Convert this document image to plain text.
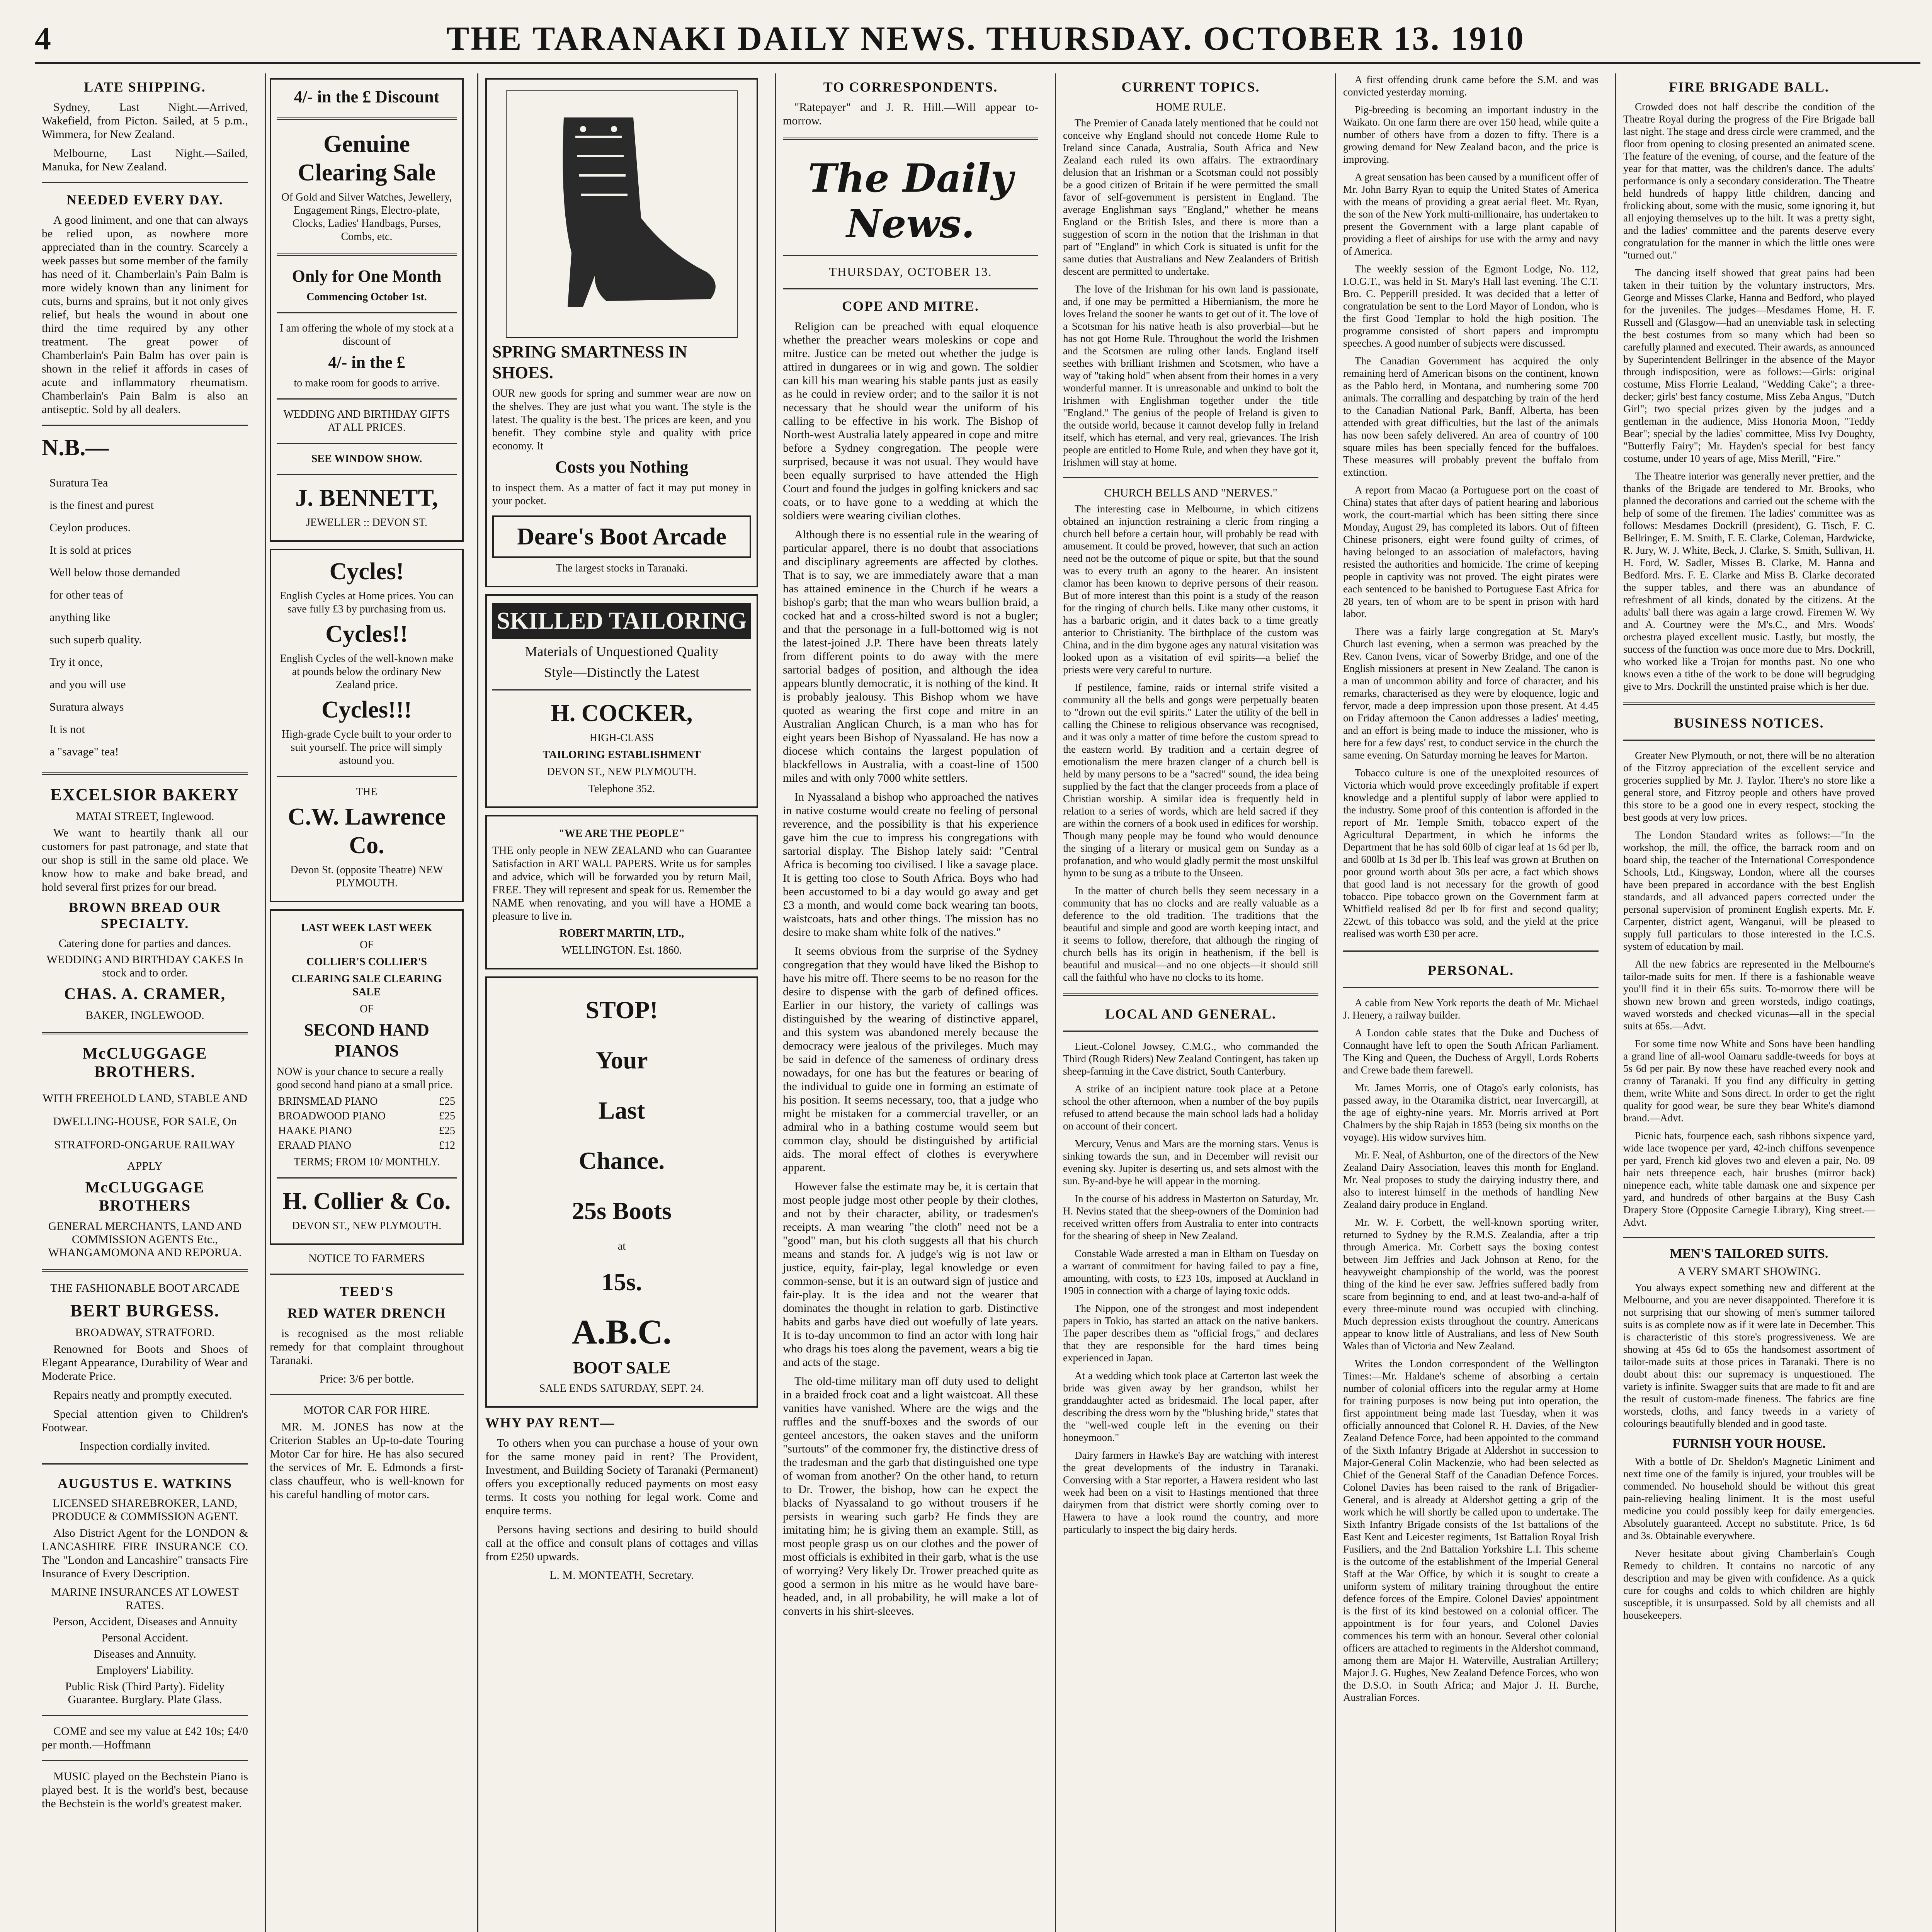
4	THE TARANAKI DAILY NEWS. THURSDAY. OCTOBER 13. 1910
LATE SHIPPING.

Sydney, Last Night.—Arrived, Wakefield, from Picton. Sailed, at 5 p.m., Wimmera, for New Zealand.

Melbourne, Last Night.—Sailed, Manuka, for New Zealand.

NEEDED EVERY DAY.

A good liniment, and one that can always be relied upon, as nowhere more appreciated than in the country. Scarcely a week passes but some member of the family has need of it. Chamberlain's Pain Balm is more widely known than any liniment for cuts, burns and sprains, but it not only gives relief, but heals the wound in about one third the time required by any other treatment. The great power of Chamberlain's Pain Balm has over pain is shown in the relief it affords in cases of acute and inflammatory rheumatism. Chamberlain's Pain Balm is also an antiseptic. Sold by all dealers.

N.B.—
Suratura Tea
is the finest and purest
Ceylon produces.
It is sold at prices
Well below those demanded
for other teas of
anything like
such superb quality.
Try it once,
and you will use
Suratura always
It is not
a "savage" tea!
EXCELSIOR BAKERY
MATAI STREET, Inglewood.

We want to heartily thank all our customers for past patronage, and state that our shop is still in the same old place. We know how to make and bake bread, and hold several first prizes for our bread.

BROWN BREAD OUR SPECIALTY.
Catering done for parties and dances.
WEDDING AND BIRTHDAY CAKES In stock and to order.
CHAS. A. CRAMER,
BAKER, INGLEWOOD.
McCLUGGAGE BROTHERS.
WITH FREEHOLD LAND, STABLE AND DWELLING-HOUSE, FOR SALE, On STRATFORD-ONGARUE RAILWAY
APPLY
McCLUGGAGE BROTHERS
GENERAL MERCHANTS, LAND AND COMMISSION AGENTS Etc., WHANGAMOMONA AND REPORUA.
THE FASHIONABLE BOOT ARCADE
BERT BURGESS.
BROADWAY, STRATFORD.

Renowned for Boots and Shoes of Elegant Appearance, Durability of Wear and Moderate Price.

Repairs neatly and promptly executed.

Special attention given to Children's Footwear.

Inspection cordially invited.
AUGUSTUS E. WATKINS
LICENSED SHAREBROKER, LAND, PRODUCE & COMMISSION AGENT.

Also District Agent for the LONDON & LANCASHIRE FIRE INSURANCE CO. The "London and Lancashire" transacts Fire Insurance of Every Description.

MARINE INSURANCES AT LOWEST RATES.
Person, Accident, Diseases and Annuity
Personal Accident.
Diseases and Annuity.
Employers' Liability.
Public Risk (Third Party). Fidelity Guarantee. Burglary. Plate Glass.

COME and see my value at £42 10s; £4/0 per month.—Hoffmann

MUSIC played on the Bechstein Piano is played best. It is the world's best, because the Bechstein is the world's greatest maker.

4/- in the £ Discount
Genuine Clearing Sale
Of Gold and Silver Watches, Jewellery, Engagement Rings, Electro-plate, Clocks, Ladies' Handbags, Purses, Combs, etc.
Only for One Month
Commencing October 1st.
I am offering the whole of my stock at a discount of
4/- in the £
to make room for goods to arrive.
WEDDING AND BIRTHDAY GIFTS AT ALL PRICES.
SEE WINDOW SHOW.
J. BENNETT,
JEWELLER :: DEVON ST.
Cycles!
English Cycles at Home prices. You can save fully £3 by purchasing from us.
Cycles!!
English Cycles of the well-known make at pounds below the ordinary New Zealand price.
Cycles!!!
High-grade Cycle built to your order to suit yourself. The price will simply astound you.
THE
C.W. Lawrence Co.
Devon St. (opposite Theatre) NEW PLYMOUTH.
LAST WEEK LAST WEEK
OF
COLLIER'S COLLIER'S
CLEARING SALE CLEARING SALE
OF
SECOND HAND PIANOS
NOW is your chance to secure a really good second hand piano at a small price.
BRINSMEAD PIANO	£25
BROADWOOD PIANO	£25
HAAKE PIANO	£25
ERAAD PIANO	£12
TERMS; FROM 10/ MONTHLY.
H. Collier & Co.
DEVON ST., NEW PLYMOUTH.
NOTICE TO FARMERS
TEED'S
RED WATER DRENCH

is recognised as the most reliable remedy for that complaint throughout Taranaki.

Price: 3/6 per bottle.
MOTOR CAR FOR HIRE.

MR. M. JONES has now at the Criterion Stables an Up-to-date Touring Motor Car for hire. He has also secured the services of Mr. E. Edmonds a first-class chauffeur, who is well-known for his careful handling of motor cars.

SPRING SMARTNESS IN SHOES.
OUR new goods for spring and summer wear are now on the shelves. They are just what you want. The style is the latest. The quality is the best. The prices are keen, and you benefit. They combine style and quality with price economy. It
Costs you Nothing
to inspect them. As a matter of fact it may put money in your pocket.
Deare's Boot Arcade
The largest stocks in Taranaki.
SKILLED TAILORING
Materials of Unquestioned Quality
Style—Distinctly the Latest
H. COCKER,
HIGH-CLASS
TAILORING ESTABLISHMENT
DEVON ST., NEW PLYMOUTH.
Telephone 352.
"WE ARE THE PEOPLE"
THE only people in NEW ZEALAND who can Guarantee Satisfaction in ART WALL PAPERS. Write us for samples and advice, which will be forwarded you by return Mail, FREE. They will represent and speak for us. Remember the NAME when renovating, and you will have a HOME a pleasure to live in.
ROBERT MARTIN, LTD.,
WELLINGTON. Est. 1860.
STOP!
Your
Last
Chance.
25s Boots
at
15s.
A.B.C.
BOOT SALE
SALE ENDS SATURDAY, SEPT. 24.
WHY PAY RENT—

To others when you can purchase a house of your own for the same money paid in rent? The Provident, Investment, and Building Society of Taranaki (Permanent) offers you exceptionally reduced payments on most easy terms. It costs you nothing for legal work. Come and enquire terms.

Persons having sections and desiring to build should call at the office and consult plans of cottages and villas from £250 upwards.

L. M. MONTEATH, Secretary.
TO CORRESPONDENTS.

"Ratepayer" and J. R. Hill.—Will appear to-morrow.

The Daily News.
THURSDAY, OCTOBER 13.
COPE AND MITRE.

Religion can be preached with equal eloquence whether the preacher wears moleskins or cope and mitre. Justice can be meted out whether the judge is attired in dungarees or in wig and gown. The soldier can kill his man wearing his stable pants just as easily as he could in review order; and to the sailor it is not necessary that he should wear the uniform of his calling to be effective in his work. The Bishop of North-west Australia lately appeared in cope and mitre before a Sydney congregation. The people were surprised, because it was not usual. They would have been equally surprised to have attended the High Court and found the judges in golfing knickers and sac coats, or to have gone to a wedding at which the soldiers were wearing civilian clothes.

Although there is no essential rule in the wearing of particular apparel, there is no doubt that associations and disciplinary agreements are affected by clothes. That is to say, we are immediately aware that a man has attained eminence in the Church if he wears a bishop's garb; that the man who wears bullion braid, a cocked hat and a cross-hilted sword is not a bugler; and that the personage in a full-bottomed wig is not the latest-joined J.P. There have been threats lately from different points to do away with the mere sartorial badges of position, and although the idea appears bluntly democratic, it is nothing of the kind. It is probably jealousy. This Bishop whom we have quoted as wearing the first cope and mitre in an Australian Anglican Church, is a man who has for eight years been Bishop of Nyassaland. He has now a diocese which contains the largest population of blackfellows in Australia, with a coast-line of 1500 miles and with only 7000 white settlers.

In Nyassaland a bishop who approached the natives in native costume would create no feeling of personal reverence, and the possibility is that his experience gave him the cue to impress his congregations with sartorial display. The Bishop lately said: "Central Africa is becoming too civilised. I like a savage place. It is getting too close to South Africa. Boys who had been accustomed to bi a day would go away and get £3 a month, and would come back wearing tan boots, waistcoats, hats and other things. The mission has no desire to make sham white folk of the natives."

It seems obvious from the surprise of the Sydney congregation that they would have liked the Bishop to have his mitre off. There seems to be no reason for the desire to dispense with the garb of defined offices. Earlier in our history, the variety of callings was distinguished by the wearing of distinctive apparel, and this system was abandoned merely because the democracy were jealous of the privileges. Much may be said in defence of the sameness of ordinary dress nowadays, for one has but the features or bearing of the individual to guide one in forming an estimate of his position. It seems necessary, too, that a judge who might be mistaken for a commercial traveller, or an admiral who in a bathing costume would seem but common clay, should be distinguished by artificial aids. The moral effect of clothes is everywhere apparent.

However false the estimate may be, it is certain that most people judge most other people by their clothes, and not by their character, ability, or tradesmen's receipts. A man wearing "the cloth" need not be a "good" man, but his cloth suggests all that his church means and stands for. A judge's wig is not law or justice, equity, fair-play, legal knowledge or even common-sense, but it is an outward sign of justice and fair-play. It is the idea and not the wearer that dominates the thought in relation to garb. Distinctive habits and garbs have died out woefully of late years. It is to-day uncommon to find an actor with long hair who drags his toes along the pavement, wears a big tie and acts of the stage.

The old-time military man off duty used to delight in a braided frock coat and a light waistcoat. All these vanities have vanished. Where are the wigs and the ruffles and the snuff-boxes and the swords of our genteel ancestors, the oaken staves and the uniform "surtouts" of the commoner fry, the distinctive dress of the tradesman and the garb that distinguished one type of woman from another? On the other hand, to return to Dr. Trower, the bishop, how can he expect the blacks of Nyassaland to go without trousers if he persists in wearing such garb? He finds they are imitating him; he is giving them an example. Still, as most people grasp us on our clothes and the power of most officials is exhibited in their garb, what is the use of worrying? Very likely Dr. Trower preached quite as good a sermon in his mitre as he would have bare-headed, and, in all probability, he will make a lot of converts in his shirt-sleeves.

CURRENT TOPICS.
HOME RULE.

The Premier of Canada lately mentioned that he could not conceive why England should not concede Home Rule to Ireland since Canada, Australia, South Africa and New Zealand each ruled its own affairs. The extraordinary delusion that an Irishman or a Scotsman could not possibly be a good citizen of Britain if he were permitted the small favor of self-government is persistent in England. The average Englishman says "England," whether he means England or the British Isles, and there is more than a suggestion of scorn in the notion that the Irishman in that part of "England" in which Cork is situated is unfit for the same duties that Australians and New Zealanders of British descent are permitted to undertake.

The love of the Irishman for his own land is passionate, and, if one may be permitted a Hibernianism, the more he loves Ireland the sooner he wants to get out of it. The love of a Scotsman for his native heath is also proverbial—but he has not got Home Rule. Throughout the world the Irishmen and the Scotsmen are ruling other lands. England itself seethes with brilliant Irishmen and Scotsmen, who have a way of "taking hold" when absent from their homes in a very wonderful manner. It is unreasonable and unkind to bolt the Irishmen with Englishman together under the title "England." The genius of the people of Ireland is given to the outside world, because it cannot develop fully in Ireland itself, which has eternal, and very real, grievances. The Irish people are entitled to Home Rule, and when they have got it, Irishmen will stay at home.

CHURCH BELLS AND "NERVES."

The interesting case in Melbourne, in which citizens obtained an injunction restraining a cleric from ringing a church bell before a certain hour, will probably be read with amusement. It could be proved, however, that such an action need not be the outcome of pique or spite, but that the sound was to every truth an agony to the hearer. An insistent clamor has been known to deprive persons of their reason. But of more interest than this point is a study of the reason for the ringing of church bells. Like many other customs, it has a barbaric origin, and it dates back to a time greatly anterior to Christianity. The birthplace of the custom was China, and in the dim bygone ages any natural visitation was looked upon as a visitation of evil spirits—a belief the priests were very careful to nurture.

If pestilence, famine, raids or internal strife visited a community all the bells and gongs were perpetually beaten to "drown out the evil spirits." Later the utility of the bell in calling the Chinese to religious observance was recognised, and it was only a matter of time before the custom spread to the eastern world. By tradition and a certain degree of emotionalism the mere brazen clanger of a church bell is held by many persons to be a "sacred" sound, the idea being supplied by the fact that the clanger proceeds from a place of Christian worship. A similar idea is frequently held in relation to a series of words, which are held sacred if they are within the corners of a book used in edifices for worship. Though many people may be found who would denounce the singing of a literary or musical gem on Sunday as a profanation, and who would gladly permit the most unskilful hymn to be sung as a tribute to the Unseen.

In the matter of church bells they seem necessary in a community that has no clocks and are really valuable as a deference to the old tradition. The traditions that the beautiful and simple and good are worth keeping intact, and it seems to follow, therefore, that although the ringing of church bells has its origin in heathenism, if the bell is beautiful and musical—and no one objects—it should still call the faithful who have no clocks to its home.

LOCAL AND GENERAL.

Lieut.-Colonel Jowsey, C.M.G., who commanded the Third (Rough Riders) New Zealand Contingent, has taken up sheep-farming in the Cave district, South Canterbury.

A strike of an incipient nature took place at a Petone school the other afternoon, when a number of the boy pupils refused to attend because the main school lads had a holiday on account of their concert.

Mercury, Venus and Mars are the morning stars. Venus is sinking towards the sun, and in December will revisit our evening sky. Jupiter is deserting us, and sets almost with the sun. By-and-bye he will appear in the morning.

In the course of his address in Masterton on Saturday, Mr. H. Nevins stated that the sheep-owners of the Dominion had received written offers from Australia to enter into contracts for the shearing of sheep in New Zealand.

Constable Wade arrested a man in Eltham on Tuesday on a warrant of commitment for having failed to pay a fine, amounting, with costs, to £23 10s, imposed at Auckland in 1905 in connection with a charge of laying toxic odds.

The Nippon, one of the strongest and most independent papers in Tokio, has started an attack on the native bankers. The paper describes them as "official frogs," and declares that they are responsible for the hard times being experienced in Japan.

At a wedding which took place at Carterton last week the bride was given away by her grandson, whilst her granddaughter acted as bridesmaid. The local paper, after describing the dress worn by the "blushing bride," states that the "well-wed couple left in the evening on their honeymoon."

Dairy farmers in Hawke's Bay are watching with interest the great developments of the industry in Taranaki. Conversing with a Star reporter, a Hawera resident who last week had been on a visit to Hastings mentioned that three dairymen from that district were shortly coming over to Hawera to have a look round the country, and more particularly to inspect the big dairy herds.

A first offending drunk came before the S.M. and was convicted yesterday morning.

Pig-breeding is becoming an important industry in the Waikato. On one farm there are over 150 head, while quite a number of others have from a dozen to fifty. There is a growing demand for New Zealand bacon, and the price is improving.

A great sensation has been caused by a munificent offer of Mr. John Barry Ryan to equip the United States of America with the means of providing a great aerial fleet. Mr. Ryan, the son of the New York multi-millionaire, has undertaken to present the Government with a large plant capable of providing a fleet of airships for use with the army and navy of America.

The weekly session of the Egmont Lodge, No. 112, I.O.G.T., was held in St. Mary's Hall last evening. The C.T. Bro. C. Pepperill presided. It was decided that a letter of congratulation be sent to the Lord Mayor of London, who is the first Good Templar to hold the high position. The programme consisted of short papers and impromptu speeches. A good number of subjects were discussed.

The Canadian Government has acquired the only remaining herd of American bisons on the continent, known as the Pablo herd, in Montana, and numbering some 700 animals. The corralling and despatching by train of the herd to the Canadian National Park, Banff, Alberta, has been attended with great difficulties, but the last of the animals has now been safely delivered. An area of country of 100 square miles has been specially fenced for the buffaloes. These measures will probably prevent the buffalo from extinction.

A report from Macao (a Portuguese port on the coast of China) states that after days of patient hearing and laborious work, the court-martial which has been sitting there since Monday, August 29, has completed its labors. Out of fifteen Chinese prisoners, eight were found guilty of crimes, of having belonged to an association of malefactors, having resisted the authorities and homicide. The crime of keeping people in captivity was not proved. The eight pirates were each sentenced to be banished to Portuguese East Africa for 28 years, ten of whom are to be spent in prison with hard labor.

There was a fairly large congregation at St. Mary's Church last evening, when a sermon was preached by the Rev. Canon Ivens, vicar of Sowerby Bridge, and one of the English missioners at present in New Zealand. The canon is a man of uncommon ability and force of character, and his remarks, characterised as they were by eloquence, logic and fervor, made a deep impression upon those present. At 4.45 on Friday afternoon the Canon addresses a ladies' meeting, and an effort is being made to induce the missioner, who is here for a few days' rest, to conduct service in the church the same evening. On Saturday morning he leaves for Marton.

Tobacco culture is one of the unexploited resources of Victoria which would prove exceedingly profitable if expert knowledge and a plentiful supply of labor were applied to the industry. Some proof of this contention is afforded in the report of Mr. Temple Smith, tobacco expert of the Agricultural Department, in which he informs the Department that he has sold 60lb of cigar leaf at 1s 6d per lb, and 600lb at 1s 3d per lb. This leaf was grown at Bruthen on poor ground worth about 30s per acre, a fact which shows that good land is not necessary for the growth of good tobacco. Pipe tobacco grown on the Government farm at Whitfield realised 8d per lb for first and second quality; 22cwt. of this tobacco was sold, and the yield at the price realised was worth £30 per acre.

PERSONAL.

A cable from New York reports the death of Mr. Michael J. Henery, a railway builder.

A London cable states that the Duke and Duchess of Connaught have left to open the South African Parliament. The King and Queen, the Duchess of Argyll, Lords Roberts and Crewe bade them farewell.

Mr. James Morris, one of Otago's early colonists, has passed away, in the Otaramika district, near Invercargill, at the age of eighty-nine years. Mr. Morris arrived at Port Chalmers by the ship Rajah in 1853 (being six months on the voyage). His widow survives him.

Mr. F. Neal, of Ashburton, one of the directors of the New Zealand Dairy Association, leaves this month for England. Mr. Neal proposes to study the dairying industry there, and also to interest himself in the methods of handling New Zealand dairy produce in England.

Mr. W. F. Corbett, the well-known sporting writer, returned to Sydney by the R.M.S. Zealandia, after a trip through America. Mr. Corbett says the boxing contest between Jim Jeffries and Jack Johnson at Reno, for the heavyweight championship of the world, was the poorest thing of the kind he ever saw. Jeffries suffered badly from scare from beginning to end, and at least two-and-a-half of every three-minute round was occupied with clinching. Much depression exists throughout the country. Americans appear to know little of Australians, and less of New South Wales than of Victoria and New Zealand.

Writes the London correspondent of the Wellington Times:—Mr. Haldane's scheme of absorbing a certain number of colonial officers into the regular army at Home for training purposes is now being put into operation, the first appointment being made last Tuesday, when it was officially announced that Colonel R. H. Davies, of the New Zealand Defence Force, had been appointed to the command of the Sixth Infantry Brigade at Aldershot in succession to Major-General Colin Mackenzie, who had been selected as Chief of the General Staff of the Canadian Defence Forces. Colonel Davies has been raised to the rank of Brigadier-General, and is already at Aldershot getting a grip of the work which he will shortly be called upon to undertake. The Sixth Infantry Brigade consists of the 1st battalions of the East Kent and Leicester regiments, 1st Battalion Royal Irish Fusiliers, and the 2nd Battalion Yorkshire L.I. This scheme is the outcome of the establishment of the Imperial General Staff at the War Office, by which it is sought to create a uniform system of military training throughout the entire defence forces of the Empire. Colonel Davies' appointment is the first of its kind bestowed on a colonial officer. The appointment is for four years, and Colonel Davies commences his term with an honour. Several other colonial officers are attached to regiments in the Aldershot command, among them are Major H. Waterville, Australian Artillery; Major J. G. Hughes, New Zealand Defence Forces, who won the D.S.O. in South Africa; and Major J. H. Burche, Australian Forces.

FIRE BRIGADE BALL.

Crowded does not half describe the condition of the Theatre Royal during the progress of the Fire Brigade ball last night. The stage and dress circle were crammed, and the floor from opening to closing presented an animated scene. The feature of the evening, of course, and the feature of the year for that matter, was the children's dance. The adults' performance is only a secondary consideration. The Theatre held hundreds of happy little children, dancing and frolicking about, some with the music, some ignoring it, but all enjoying themselves up to the hilt. It was a pretty sight, and the ladies' committee and the parents deserve every congratulation for the manner in which the little ones were "turned out."

The dancing itself showed that great pains had been taken in their tuition by the voluntary instructors, Mrs. George and Misses Clarke, Hanna and Bedford, who played for the juveniles. The judges—Mesdames Home, H. F. Russell and (Glasgow—had an unenviable task in selecting the best costumes from so many which had been so carefully planned and executed. Their awards, as announced by Superintendent Bellringer in the absence of the Mayor through indisposition, were as follows:—Girls: original costume, Miss Florrie Lealand, "Wedding Cake"; a three-decker; girls' best fancy costume, Miss Zeba Angus, "Dutch Girl"; two special prizes given by the judges and a gentleman in the audience, Miss Honoria Moon, "Teddy Bear"; special by the ladies' committee, Miss Ivy Doughty, "Butterfly Fairy"; Mr. Hayden's special for best fancy costume, under 10 years of age, Miss Merill, "Fire."

The Theatre interior was generally never prettier, and the thanks of the Brigade are tendered to Mr. Brooks, who planned the decorations and carried out the scheme with the help of some of the firemen. The ladies' committee was as follows: Mesdames Dockrill (president), G. Tisch, F. C. Bellringer, E. M. Smith, F. E. Clarke, Coleman, Hardwicke, R. Jury, W. J. White, Beck, J. Clarke, S. Smith, Sullivan, H. H. Ford, W. Sadler, Misses B. Clarke, M. Hanna and Bedford. Mrs. F. E. Clarke and Miss B. Clarke decorated the supper tables, and there was an abundance of refreshment of all kinds, donated by the citizens. At the adults' ball there was again a large crowd. Firemen W. Wy and A. Courtney were the M's.C., and Mrs. Woods' orchestra played excellent music. Lastly, but mostly, the success of the function was once more due to Mrs. Dockrill, who worked like a Trojan for months past. No one who knows even a tithe of the work to be done will begrudging give to Mrs. Dockrill the unstinted praise which is her due.

BUSINESS NOTICES.

Greater New Plymouth, or not, there will be no alteration of the Fitzroy appreciation of the excellent service and groceries supplied by Mr. J. Taylor. There's no store like a general store, and Fitzroy people and others have proved this store to be a good one in every respect, stocking the best goods at very low prices.

The London Standard writes as follows:—"In the workshop, the mill, the office, the barrack room and on board ship, the teacher of the International Correspondence Schools, Ltd., Kingsway, London, where all the courses have been prepared in accordance with the best English standards, and all advanced papers corrected under the personal supervision of prominent English experts. Mr. F. Carpenter, district agent, Wanganui, will be pleased to supply full particulars to those interested in the I.C.S. system of education by mail.

All the new fabrics are represented in the Melbourne's tailor-made suits for men. If there is a fashionable weave you'll find it in their 65s suits. To-morrow there will be shown new brown and green worsteds, indigo coatings, waved worsteds and checked vicunas—all in the special suits at 65s.—Advt.

For some time now White and Sons have been handling a grand line of all-wool Oamaru saddle-tweeds for boys at 5s 6d per pair. By now these have reached every nook and cranny of Taranaki. If you find any difficulty in getting them, write White and Sons direct. In order to get the right quality for good wear, be sure they bear White's diamond brand.—Advt.

Picnic hats, fourpence each, sash ribbons sixpence yard, wide lace twopence per yard, 42-inch chiffons sevenpence per yard, French kid gloves two and eleven a pair, No. 09 hair nets threepence each, hair brushes (mirror back) ninepence each, white table damask one and sixpence per yard, and hundreds of other bargains at the Busy Cash Drapery Store (Opposite Carnegie Library), King street.—Advt.

MEN'S TAILORED SUITS.
A VERY SMART SHOWING.

You always expect something new and different at the Melbourne, and you are never disappointed. Therefore it is not surprising that our showing of men's summer tailored suits is as complete now as if it were late in December. This is characteristic of this store's progressiveness. We are showing at 45s 6d to 65s the handsomest assortment of tailor-made suits at those prices in Taranaki. There is no doubt about this: our supremacy is unquestioned. The variety is infinite. Swagger suits that are made to fit and are the result of custom-made fineness. The fabrics are fine worsteds, cloths, and fancy tweeds in a variety of colourings beautifully blended and in good taste.

FURNISH YOUR HOUSE.

With a bottle of Dr. Sheldon's Magnetic Liniment and next time one of the family is injured, your troubles will be commended. No household should be without this great pain-relieving healing liniment. It is the most useful medicine you could possibly keep for daily emergencies. Absolutely guaranteed. Accept no substitute. Price, 1s 6d and 3s. Obtainable everywhere.

Never hesitate about giving Chamberlain's Cough Remedy to children. It contains no narcotic of any description and may be given with confidence. As a quick cure for coughs and colds to which children are highly susceptible, it is unsurpassed. Sold by all chemists and all housekeepers.
